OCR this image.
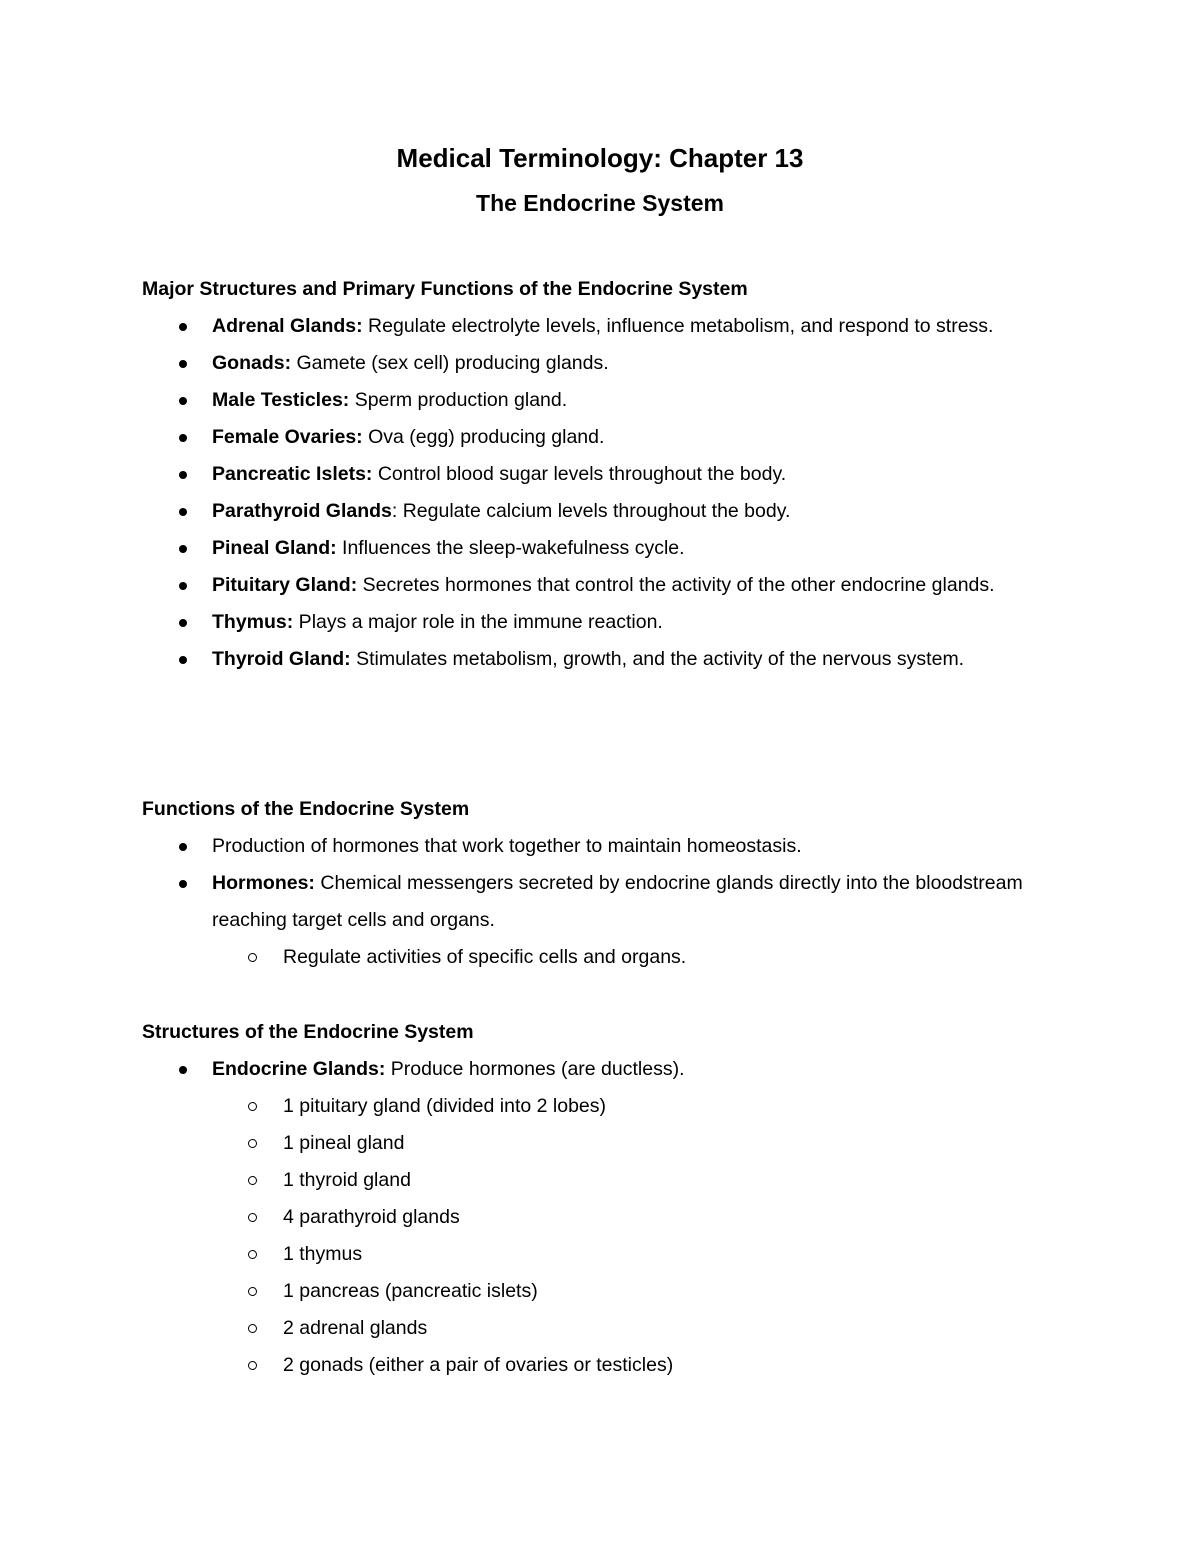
Medical Terminology: Chapter 13
The Endocrine System

Major Structures and Primary Functions of the Endocrine System

Adrenal Glands: Regulate electrolyte levels, influence metabolism, and respond to stress.
Gonads: Gamete (sex cell) producing glands.
Male Testicles: Sperm production gland.
Female Ovaries: Ova (egg) producing gland.
Pancreatic Islets: Control blood sugar levels throughout the body.
Parathyroid Glands: Regulate calcium levels throughout the body.
Pineal Gland: Influences the sleep-wakefulness cycle.
Pituitary Gland: Secretes hormones that control the activity of the other endocrine glands.
Thymus: Plays a major role in the immune reaction.
Thyroid Gland: Stimulates metabolism, growth, and the activity of the nervous system.

Functions of the Endocrine System

Production of hormones that work together to maintain homeostasis.
Hormones: Chemical messengers secreted by endocrine glands directly into the bloodstream reaching target cells and organs.
Regulate activities of specific cells and organs.

Structures of the Endocrine System

Endocrine Glands: Produce hormones (are ductless).
1 pituitary gland (divided into 2 lobes)
1 pineal gland
1 thyroid gland
4 parathyroid glands
1 thymus
1 pancreas (pancreatic islets)
2 adrenal glands
2 gonads (either a pair of ovaries or testicles)
